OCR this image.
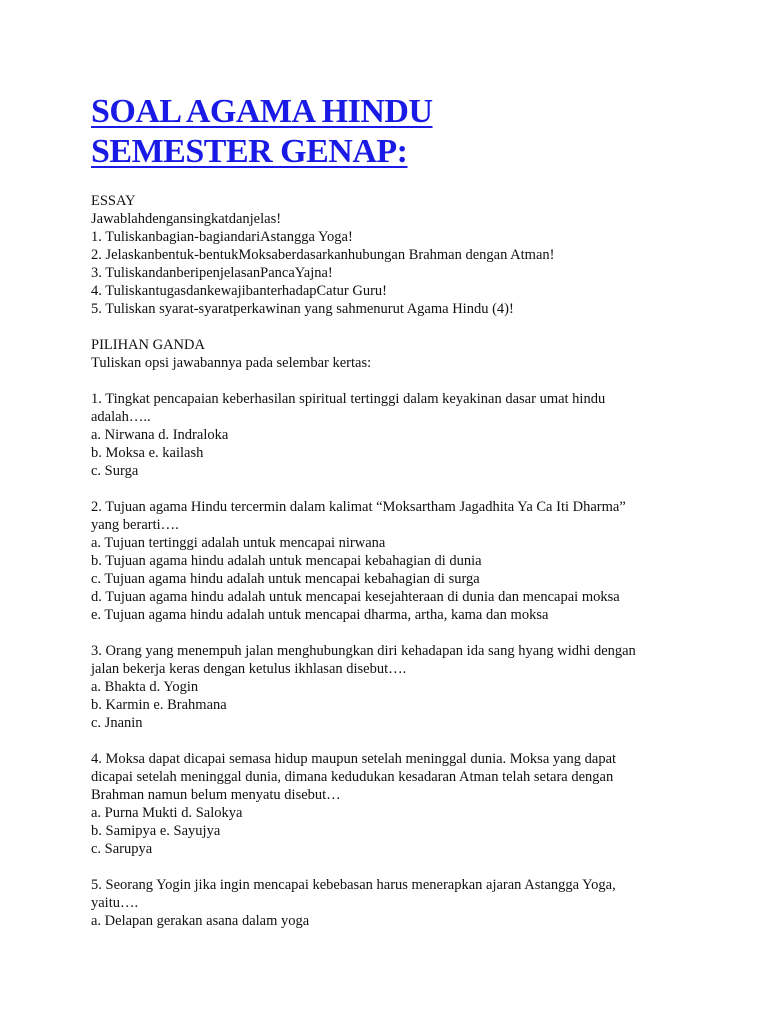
SOAL AGAMA HINDU
SEMESTER GENAP:
ESSAY
Jawablahdengansingkatdanjelas!
1. Tuliskanbagian-bagiandariAstangga Yoga!
2. Jelaskanbentuk-bentukMoksaberdasarkanhubungan Brahman dengan Atman!
3. TuliskandanberipenjelasanPancaYajna!
4. TuliskantugasdankewajibanterhadapCatur Guru!
5. Tuliskan syarat-syaratperkawinan yang sahmenurut Agama Hindu (4)!
PILIHAN GANDA
Tuliskan opsi jawabannya pada selembar kertas:
1. Tingkat pencapaian keberhasilan spiritual tertinggi dalam keyakinan dasar umat hindu
adalah…..
a. Nirwana d. Indraloka
b. Moksa e. kailash
c. Surga
2. Tujuan agama Hindu tercermin dalam kalimat “Moksartham Jagadhita Ya Ca Iti Dharma”
yang berarti….
a. Tujuan tertinggi adalah untuk mencapai nirwana
b. Tujuan agama hindu adalah untuk mencapai kebahagian di dunia
c. Tujuan agama hindu adalah untuk mencapai kebahagian di surga
d. Tujuan agama hindu adalah untuk mencapai kesejahteraan di dunia dan mencapai moksa
e. Tujuan agama hindu adalah untuk mencapai dharma, artha, kama dan moksa
3. Orang yang menempuh jalan menghubungkan diri kehadapan ida sang hyang widhi dengan
jalan bekerja keras dengan ketulus ikhlasan disebut….
a. Bhakta d. Yogin
b. Karmin e. Brahmana
c. Jnanin
4. Moksa dapat dicapai semasa hidup maupun setelah meninggal dunia. Moksa yang dapat
dicapai setelah meninggal dunia, dimana kedudukan kesadaran Atman telah setara dengan
Brahman namun belum menyatu disebut…
a. Purna Mukti d. Salokya
b. Samipya e. Sayujya
c. Sarupya
5. Seorang Yogin jika ingin mencapai kebebasan harus menerapkan ajaran Astangga Yoga,
yaitu….
a. Delapan gerakan asana dalam yoga
